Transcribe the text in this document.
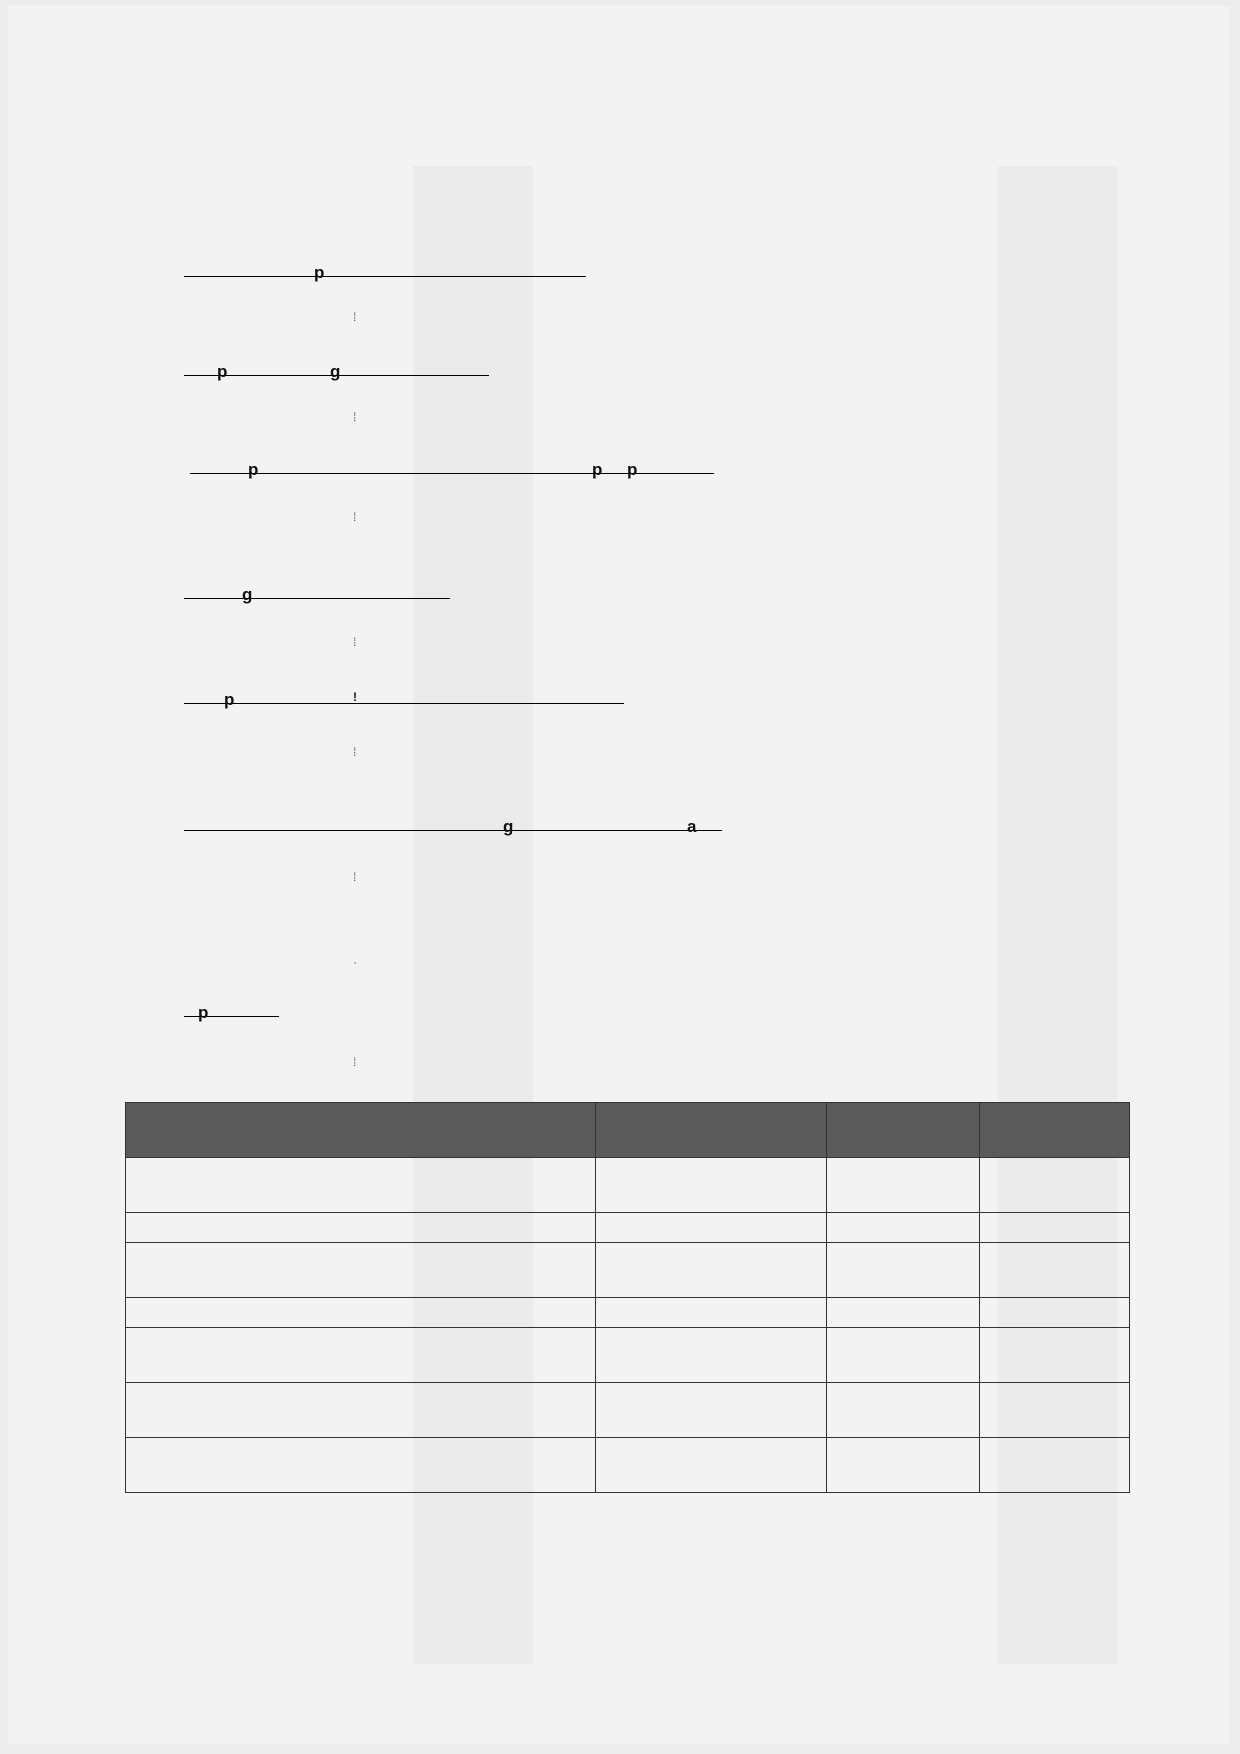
p
⁞
p	g
⁞
p	p p
⁞
g
⁞
p	!
⁞
g	a
⁞
·
p
⁞
